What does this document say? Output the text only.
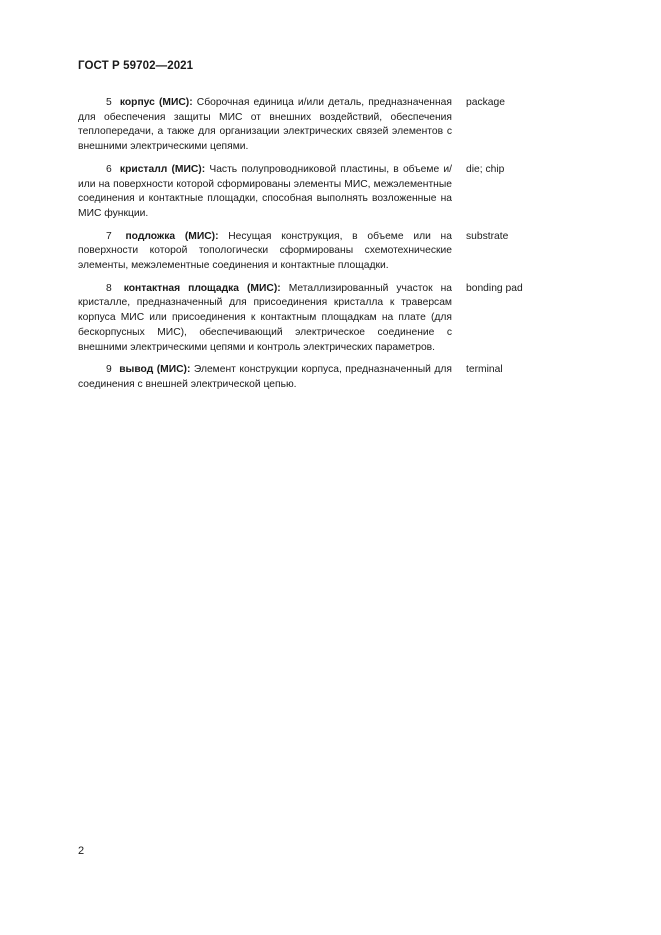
ГОСТ Р 59702—2021
5 корпус (МИС): Сборочная единица и/или деталь, предназначенная для обеспечения защиты МИС от внешних воздействий, обеспечения теплопередачи, а также для организации электрических связей элементов с внешними электрическими цепями.
package
6 кристалл (МИС): Часть полупроводниковой пластины, в объеме и/или на поверхности которой сформированы элементы МИС, межэлементные соединения и контактные площадки, способная выполнять возложенные на МИС функции.
die; chip
7 подложка (МИС): Несущая конструкция, в объеме или на поверхности которой топологически сформированы схемотехнические элементы, межэлементные соединения и контактные площадки.
substrate
8 контактная площадка (МИС): Металлизированный участок на кристалле, предназначенный для присоединения кристалла к траверсам корпуса МИС или присоединения к контактным площадкам на плате (для бескорпусных МИС), обеспечивающий электрическое соединение с внешними электрическими цепями и контроль электрических параметров.
bonding pad
9 вывод (МИС): Элемент конструкции корпуса, предназначенный для соединения с внешней электрической цепью.
terminal
2
